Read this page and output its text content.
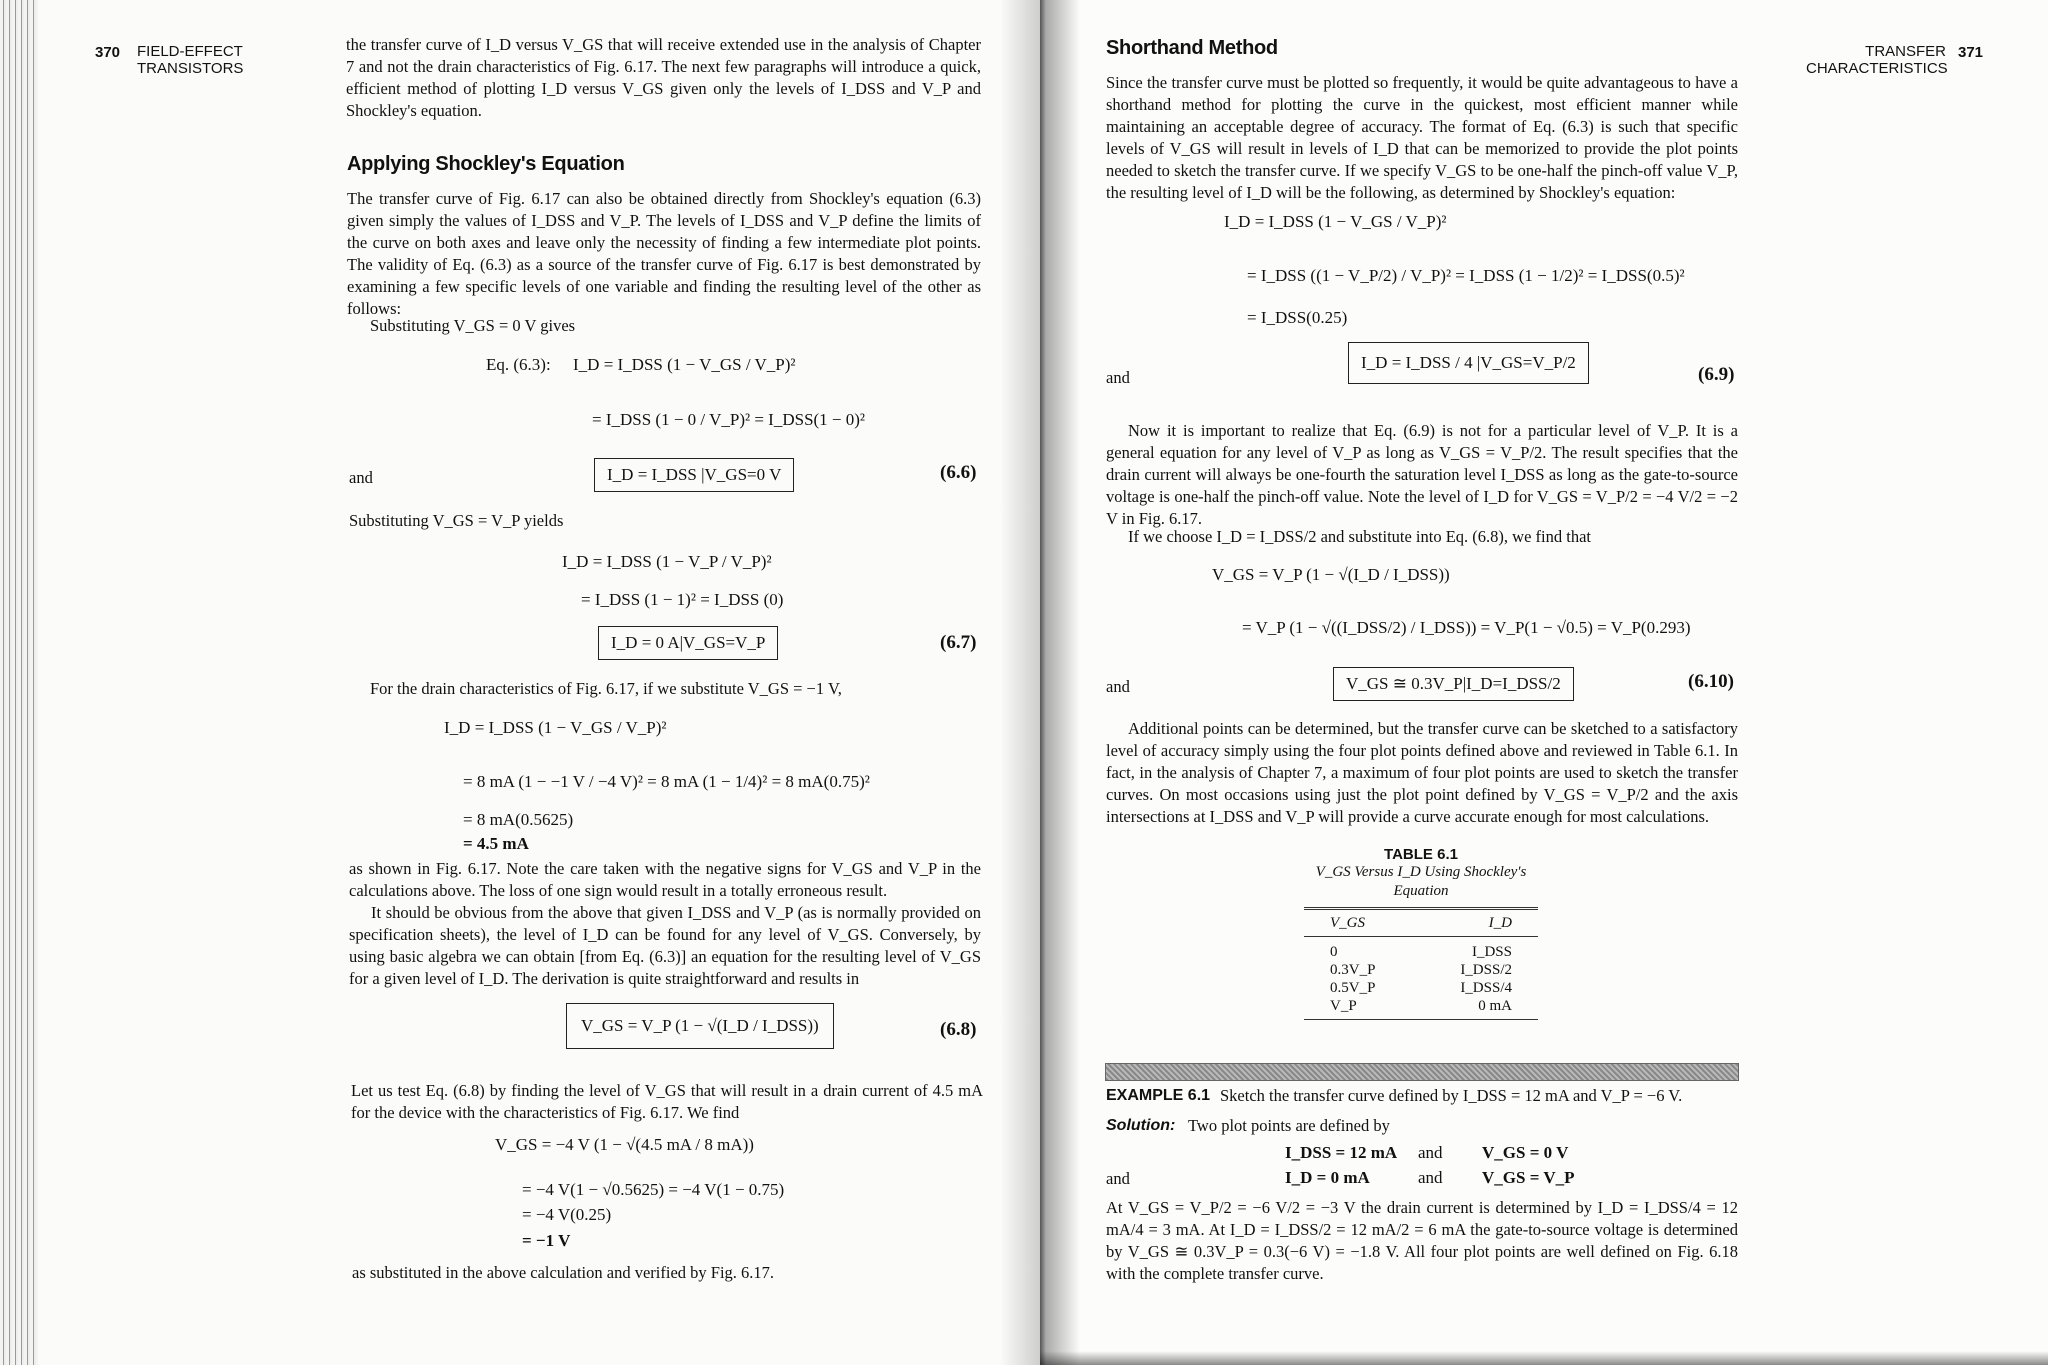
370 FIELD-EFFECT
TRANSISTORS
the transfer curve of I_D versus V_GS that will receive extended use in the analysis of Chapter 7 and not the drain characteristics of Fig. 6.17. The next few paragraphs will introduce a quick, efficient method of plotting I_D versus V_GS given only the levels of I_DSS and V_P and Shockley's equation.
Applying Shockley's Equation
The transfer curve of Fig. 6.17 can also be obtained directly from Shockley's equation (6.3) given simply the values of I_DSS and V_P. The levels of I_DSS and V_P define the limits of the curve on both axes and leave only the necessity of finding a few intermediate plot points. The validity of Eq. (6.3) as a source of the transfer curve of Fig. 6.17 is best demonstrated by examining a few specific levels of one variable and finding the resulting level of the other as follows:
Substituting V_GS = 0 V gives
Eq. (6.3): I_D = I_DSS (1 − V_GS / V_P)²
= I_DSS (1 − 0 / V_P)² = I_DSS(1 − 0)²
and	I_D = I_DSS |V_GS=0 V	(6.6)
Substituting V_GS = V_P yields
I_D = I_DSS (1 − V_P / V_P)²
= I_DSS (1 − 1)² = I_DSS (0)
I_D = 0 A|V_GS=V_P	(6.7)
For the drain characteristics of Fig. 6.17, if we substitute V_GS = −1 V,
I_D = I_DSS (1 − V_GS / V_P)²
= 8 mA (1 − −1 V / −4 V)² = 8 mA (1 − 1/4)² = 8 mA(0.75)²
= 8 mA(0.5625)
= 4.5 mA
as shown in Fig. 6.17. Note the care taken with the negative signs for V_GS and V_P in the calculations above. The loss of one sign would result in a totally erroneous result.
It should be obvious from the above that given I_DSS and V_P (as is normally provided on specification sheets), the level of I_D can be found for any level of V_GS. Conversely, by using basic algebra we can obtain [from Eq. (6.3)] an equation for the resulting level of V_GS for a given level of I_D. The derivation is quite straightforward and results in
V_GS = V_P (1 − √(I_D / I_DSS))	(6.8)
Let us test Eq. (6.8) by finding the level of V_GS that will result in a drain current of 4.5 mA for the device with the characteristics of Fig. 6.17. We find
V_GS = −4 V (1 − √(4.5 mA / 8 mA))
= −4 V(1 − √0.5625) = −4 V(1 − 0.75)
= −4 V(0.25)
= −1 V
as substituted in the above calculation and verified by Fig. 6.17.
Shorthand Method	TRANSFER
CHARACTERISTICS
371
Since the transfer curve must be plotted so frequently, it would be quite advantageous to have a shorthand method for plotting the curve in the quickest, most efficient manner while maintaining an acceptable degree of accuracy. The format of Eq. (6.3) is such that specific levels of V_GS will result in levels of I_D that can be memorized to provide the plot points needed to sketch the transfer curve. If we specify V_GS to be one-half the pinch-off value V_P, the resulting level of I_D will be the following, as determined by Shockley's equation:
I_D = I_DSS (1 − V_GS / V_P)²
= I_DSS ((1 − V_P/2) / V_P)² = I_DSS (1 − 1/2)² = I_DSS(0.5)²
= I_DSS(0.25)
and
I_D = I_DSS / 4 |V_GS=V_P/2
(6.9)
Now it is important to realize that Eq. (6.9) is not for a particular level of V_P. It is a general equation for any level of V_P as long as V_GS = V_P/2. The result specifies that the drain current will always be one-fourth the saturation level I_DSS as long as the gate-to-source voltage is one-half the pinch-off value. Note the level of I_D for V_GS = V_P/2 = −4 V/2 = −2 V in Fig. 6.17.
If we choose I_D = I_DSS/2 and substitute into Eq. (6.8), we find that
V_GS = V_P (1 − √(I_D / I_DSS))
= V_P (1 − √((I_DSS/2) / I_DSS)) = V_P(1 − √0.5) = V_P(0.293)
and	V_GS ≅ 0.3V_P|I_D=I_DSS/2	(6.10)
Additional points can be determined, but the transfer curve can be sketched to a satisfactory level of accuracy simply using the four plot points defined above and reviewed in Table 6.1. In fact, in the analysis of Chapter 7, a maximum of four plot points are used to sketch the transfer curves. On most occasions using just the plot point defined by V_GS = V_P/2 and the axis intersections at I_DSS and V_P will provide a curve accurate enough for most calculations.
TABLE 6.1
V_GS Versus I_D Using Shockley's
Equation
V_GS	I_D
0	I_DSS
0.3V_P	I_DSS/2
0.5V_P	I_DSS/4
V_P	0 mA
EXAMPLE 6.1 Sketch the transfer curve defined by I_DSS = 12 mA and V_P = −6 V.
Solution: Two plot points are defined by
I_DSS = 12 mA and V_GS = 0 V
and	I_D = 0 mA	and V_GS = V_P
At V_GS = V_P/2 = −6 V/2 = −3 V the drain current is determined by I_D = I_DSS/4 = 12 mA/4 = 3 mA. At I_D = I_DSS/2 = 12 mA/2 = 6 mA the gate-to-source voltage is determined by V_GS ≅ 0.3V_P = 0.3(−6 V) = −1.8 V. All four plot points are well defined on Fig. 6.18 with the complete transfer curve.
